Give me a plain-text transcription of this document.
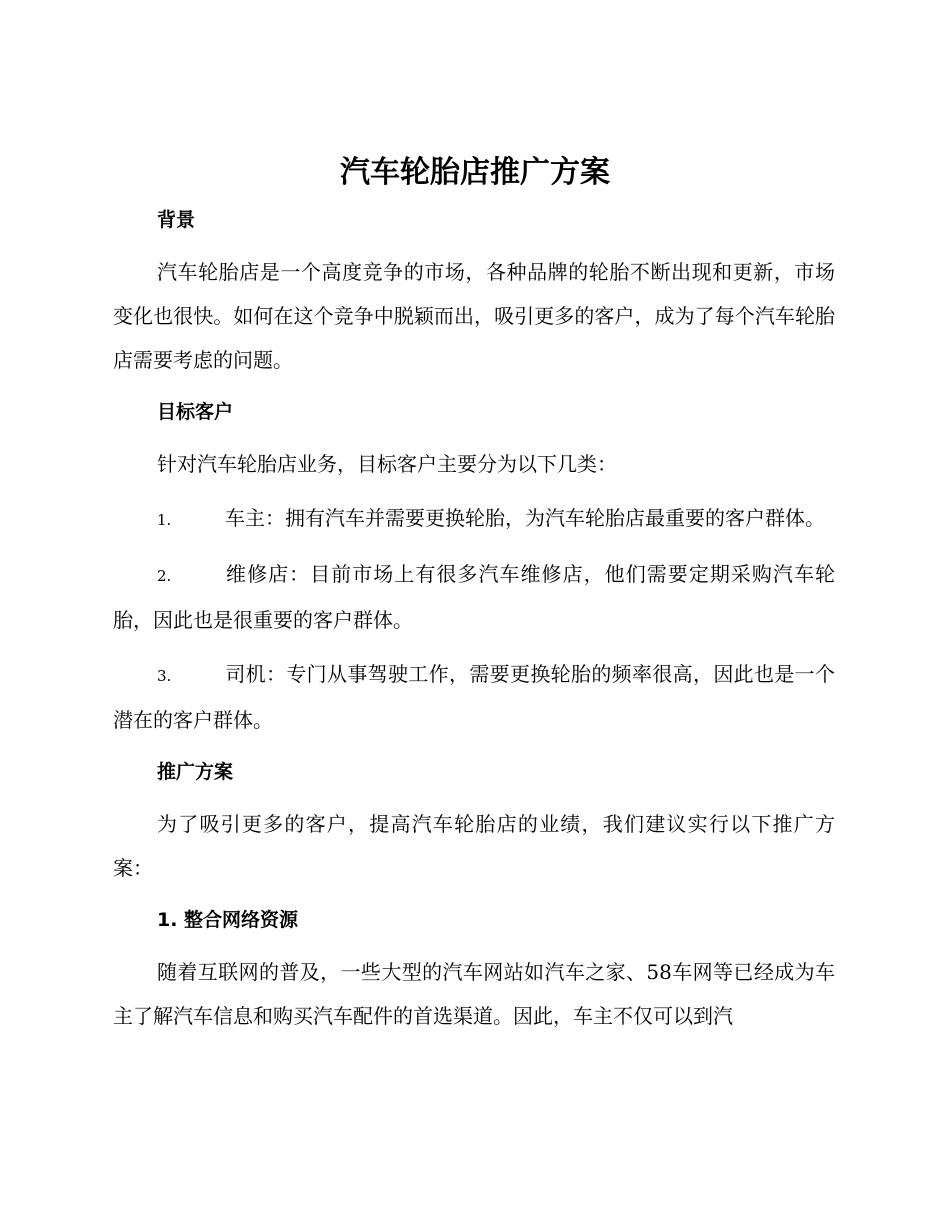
汽车轮胎店推广方案
背景

汽车轮胎店是一个高度竞争的市场，各种品牌的轮胎不断出现和更新，市场变化也很快。如何在这个竞争中脱颖而出，吸引更多的客户，成为了每个汽车轮胎店需要考虑的问题。

目标客户

针对汽车轮胎店业务，目标客户主要分为以下几类：

1.	车主：拥有汽车并需要更换轮胎，为汽车轮胎店最重要的客户群体。

2.	维修店：目前市场上有很多汽车维修店，他们需要定期采购汽车轮胎，因此也是很重要的客户群体。

3.	司机：专门从事驾驶工作，需要更换轮胎的频率很高，因此也是一个潜在的客户群体。

推广方案

为了吸引更多的客户，提高汽车轮胎店的业绩，我们建议实行以下推广方案：

1. 整合网络资源

随着互联网的普及，一些大型的汽车网站如汽车之家、58车网等已经成为车主了解汽车信息和购买汽车配件的首选渠道。因此，车主不仅可以到汽
